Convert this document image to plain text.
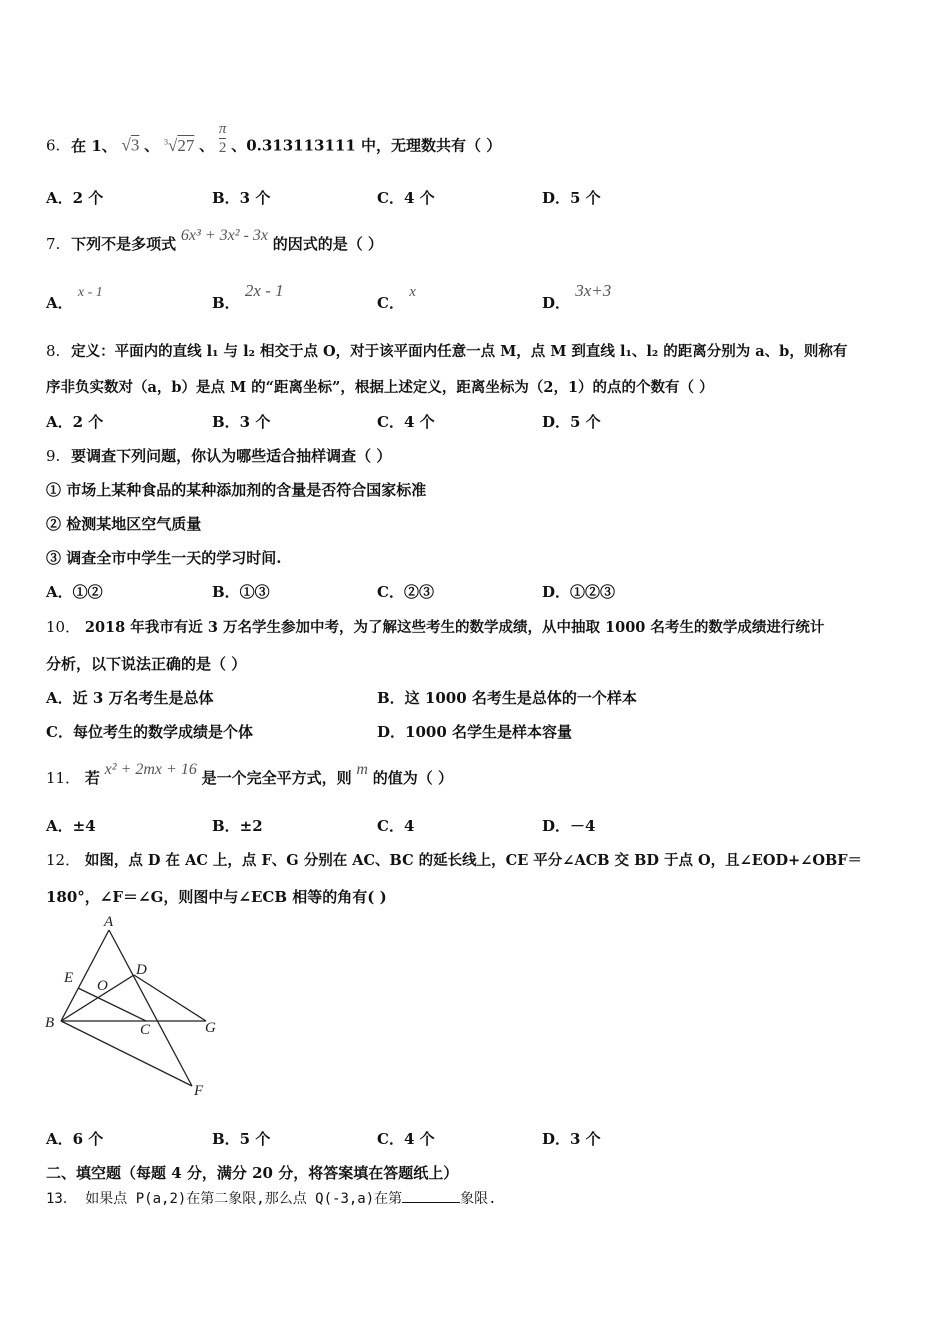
6. 在 1、 √3 、 $^3$√27 、 $\frac{\pi}{2}$ 、0.313113111 中，无理数共有（ ）
A．2 个	B．3 个	C．4 个	D．5 个
7. 下列不是多项式 6x³ + 3x² - 3x 的因式的是（ ）
A． x - 1
B． 2x - 1
C． x
D． 3x+3
8. 定义：平面内的直线 l₁ 与 l₂ 相交于点 O，对于该平面内任意一点 M，点 M 到直线 l₁、l₂ 的距离分别为 a、b，则称有
序非负实数对（a，b）是点 M 的“距离坐标”，根据上述定义，距离坐标为（2，1）的点的个数有（ ）
A．2 个	B．3 个	C．4 个	D．5 个
9. 要调查下列问题，你认为哪些适合抽样调查（ ）
① 市场上某种食品的某种添加剂的含量是否符合国家标准
② 检测某地区空气质量
③ 调查全市中学生一天的学习时间.
A．①②	B．①③	C．②③	D．①②③
10． 2018 年我市有近 3 万名学生参加中考，为了解这些考生的数学成绩，从中抽取 1000 名考生的数学成绩进行统计
分析，以下说法正确的是（ ）
A．近 3 万名考生是总体	B．这 1000 名考生是总体的一个样本
C．每位考生的数学成绩是个体	D．1000 名学生是样本容量
11． 若 x² + 2mx + 16 是一个完全平方式，则 m 的值为（ ）
A．±4	B．±2	C．4	D．－4
12． 如图，点 D 在 AC 上，点 F、G 分别在 AC、BC 的延长线上，CE 平分∠ACB 交 BD 于点 O，且∠EOD+∠OBF＝
180°，∠F＝∠G，则图中与∠ECB 相等的角有( )
A
E	D
O
B	C	G
F
A．6 个	B．5 个	C．4 个	D．3 个
二、填空题（每题 4 分，满分 20 分，将答案填在答题纸上）
13． 如果点 P(a,2)在第二象限,那么点 Q(-3,a)在第	象限.
